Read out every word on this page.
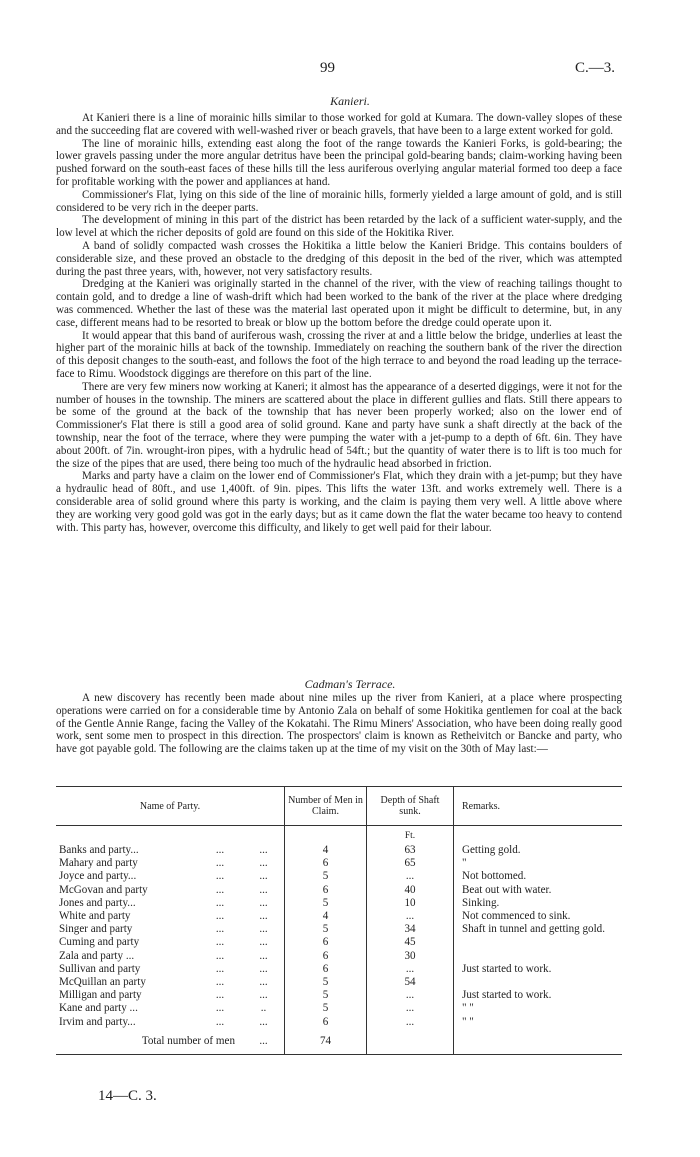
99	C.—3.
Kanieri.

At Kanieri there is a line of morainic hills similar to those worked for gold at Kumara. The down-valley slopes of these and the succeeding flat are covered with well-washed river or beach gravels, that have been to a large extent worked for gold.

The line of morainic hills, extending east along the foot of the range towards the Kanieri Forks, is gold-bearing; the lower gravels passing under the more angular detritus have been the principal gold-bearing bands; claim-working having been pushed forward on the south-east faces of these hills till the less auriferous overlying angular material formed too deep a face for profitable working with the power and appliances at hand.

Commissioner's Flat, lying on this side of the line of morainic hills, formerly yielded a large amount of gold, and is still considered to be very rich in the deeper parts.

The development of mining in this part of the district has been retarded by the lack of a sufficient water-supply, and the low level at which the richer deposits of gold are found on this side of the Hokitika River.

A band of solidly compacted wash crosses the Hokitika a little below the Kanieri Bridge. This contains boulders of considerable size, and these proved an obstacle to the dredging of this deposit in the bed of the river, which was attempted during the past three years, with, however, not very satisfactory results.

Dredging at the Kanieri was originally started in the channel of the river, with the view of reaching tailings thought to contain gold, and to dredge a line of wash-drift which had been worked to the bank of the river at the place where dredging was commenced. Whether the last of these was the material last operated upon it might be difficult to determine, but, in any case, different means had to be resorted to break or blow up the bottom before the dredge could operate upon it.

It would appear that this band of auriferous wash, crossing the river at and a little below the bridge, underlies at least the higher part of the morainic hills at back of the township. Immediately on reaching the southern bank of the river the direction of this deposit changes to the south-east, and follows the foot of the high terrace to and beyond the road leading up the terrace-face to Rimu. Woodstock diggings are therefore on this part of the line.

There are very few miners now working at Kaneri; it almost has the appearance of a deserted diggings, were it not for the number of houses in the township. The miners are scattered about the place in different gullies and flats. Still there appears to be some of the ground at the back of the township that has never been properly worked; also on the lower end of Commissioner's Flat there is still a good area of solid ground. Kane and party have sunk a shaft directly at the back of the township, near the foot of the terrace, where they were pumping the water with a jet-pump to a depth of 6ft. 6in. They have about 200ft. of 7in. wrought-iron pipes, with a hydrulic head of 54ft.; but the quantity of water there is to lift is too much for the size of the pipes that are used, there being too much of the hydraulic head absorbed in friction.

Marks and party have a claim on the lower end of Commissioner's Flat, which they drain with a jet-pump; but they have a hydraulic head of 80ft., and use 1,400ft. of 9in. pipes. This lifts the water 13ft. and works extremely well. There is a considerable area of solid ground where this party is working, and the claim is paying them very well. A little above where they are working very good gold was got in the early days; but as it came down the flat the water became too heavy to contend with. This party has, however, overcome this difficulty, and likely to get well paid for their labour.

Cadman's Terrace.

A new discovery has recently been made about nine miles up the river from Kanieri, at a place where prospecting operations were carried on for a considerable time by Antonio Zala on behalf of some Hokitika gentlemen for coal at the back of the Gentle Annie Range, facing the Valley of the Kokatahi. The Rimu Miners' Association, who have been doing really good work, sent some men to prospect in this direction. The prospectors' claim is known as Retheivitch or Bancke and party, who have got payable gold. The following are the claims taken up at the time of my visit on the 30th of May last:—

Name of Party.			Number of Men in Claim.	Depth of Shaft sunk.	Remarks.
				Ft.	
Banks and party...	...	...	4	63	Getting gold.
Mahary and party	...	...	6	65	"
Joyce and party...	...	...	5	...	Not bottomed.
McGovan and party	...	...	6	40	Beat out with water.
Jones and party...	...	...	5	10	Sinking.
White and party	...	...	4	...	Not commenced to sink.
Singer and party	...	...	5	34	Shaft in tunnel and getting gold.
Cuming and party	...	...	6	45	
Zala and party ...	...	...	6	30	
Sullivan and party	...	...	6	...	Just started to work.
McQuillan an party	...	...	5	54	
Milligan and party	...	...	5	...	Just started to work.
Kane and party ...	...	..	5	...	" "
Irvim and party...	...	...	6	...	" "
Total number of men		...	74		
14—C. 3.
